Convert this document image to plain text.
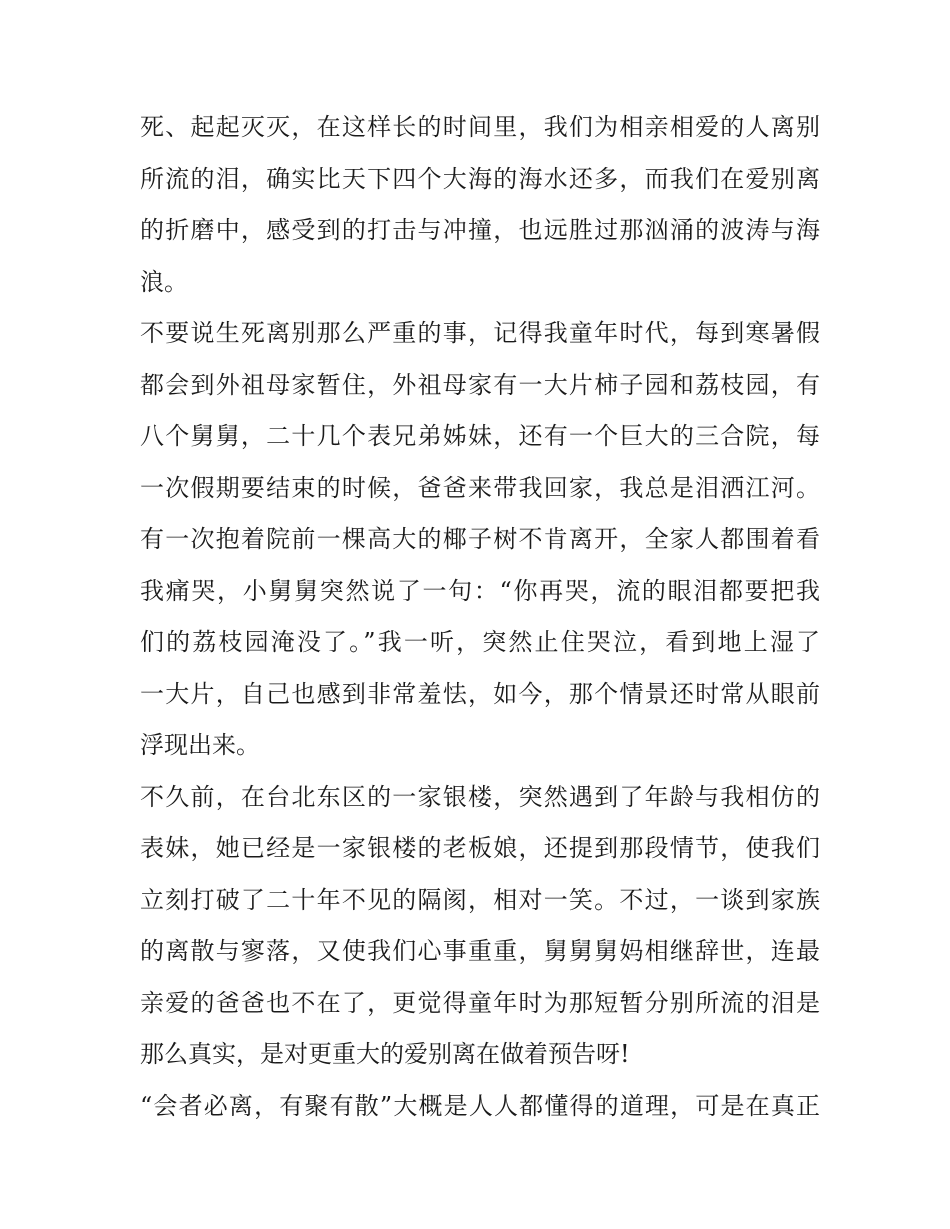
死、起起灭灭，在这样长的时间里，我们为相亲相爱的人离别
所流的泪，确实比天下四个大海的海水还多，而我们在爱别离
的折磨中，感受到的打击与冲撞，也远胜过那汹涌的波涛与海
浪。
不要说生死离别那么严重的事，记得我童年时代，每到寒暑假
都会到外祖母家暂住，外祖母家有一大片柿子园和荔枝园，有
八个舅舅，二十几个表兄弟姊妹，还有一个巨大的三合院，每
一次假期要结束的时候，爸爸来带我回家，我总是泪洒江河。
有一次抱着院前一棵高大的椰子树不肯离开，全家人都围着看
我痛哭，小舅舅突然说了一句：“你再哭，流的眼泪都要把我
们的荔枝园淹没了。”我一听，突然止住哭泣，看到地上湿了
一大片，自己也感到非常羞怯，如今，那个情景还时常从眼前
浮现出来。
不久前，在台北东区的一家银楼，突然遇到了年龄与我相仿的
表妹，她已经是一家银楼的老板娘，还提到那段情节，使我们
立刻打破了二十年不见的隔阂，相对一笑。不过，一谈到家族
的离散与寥落，又使我们心事重重，舅舅舅妈相继辞世，连最
亲爱的爸爸也不在了，更觉得童年时为那短暂分别所流的泪是
那么真实，是对更重大的爱别离在做着预告呀!
“会者必离，有聚有散”大概是人人都懂得的道理，可是在真正
